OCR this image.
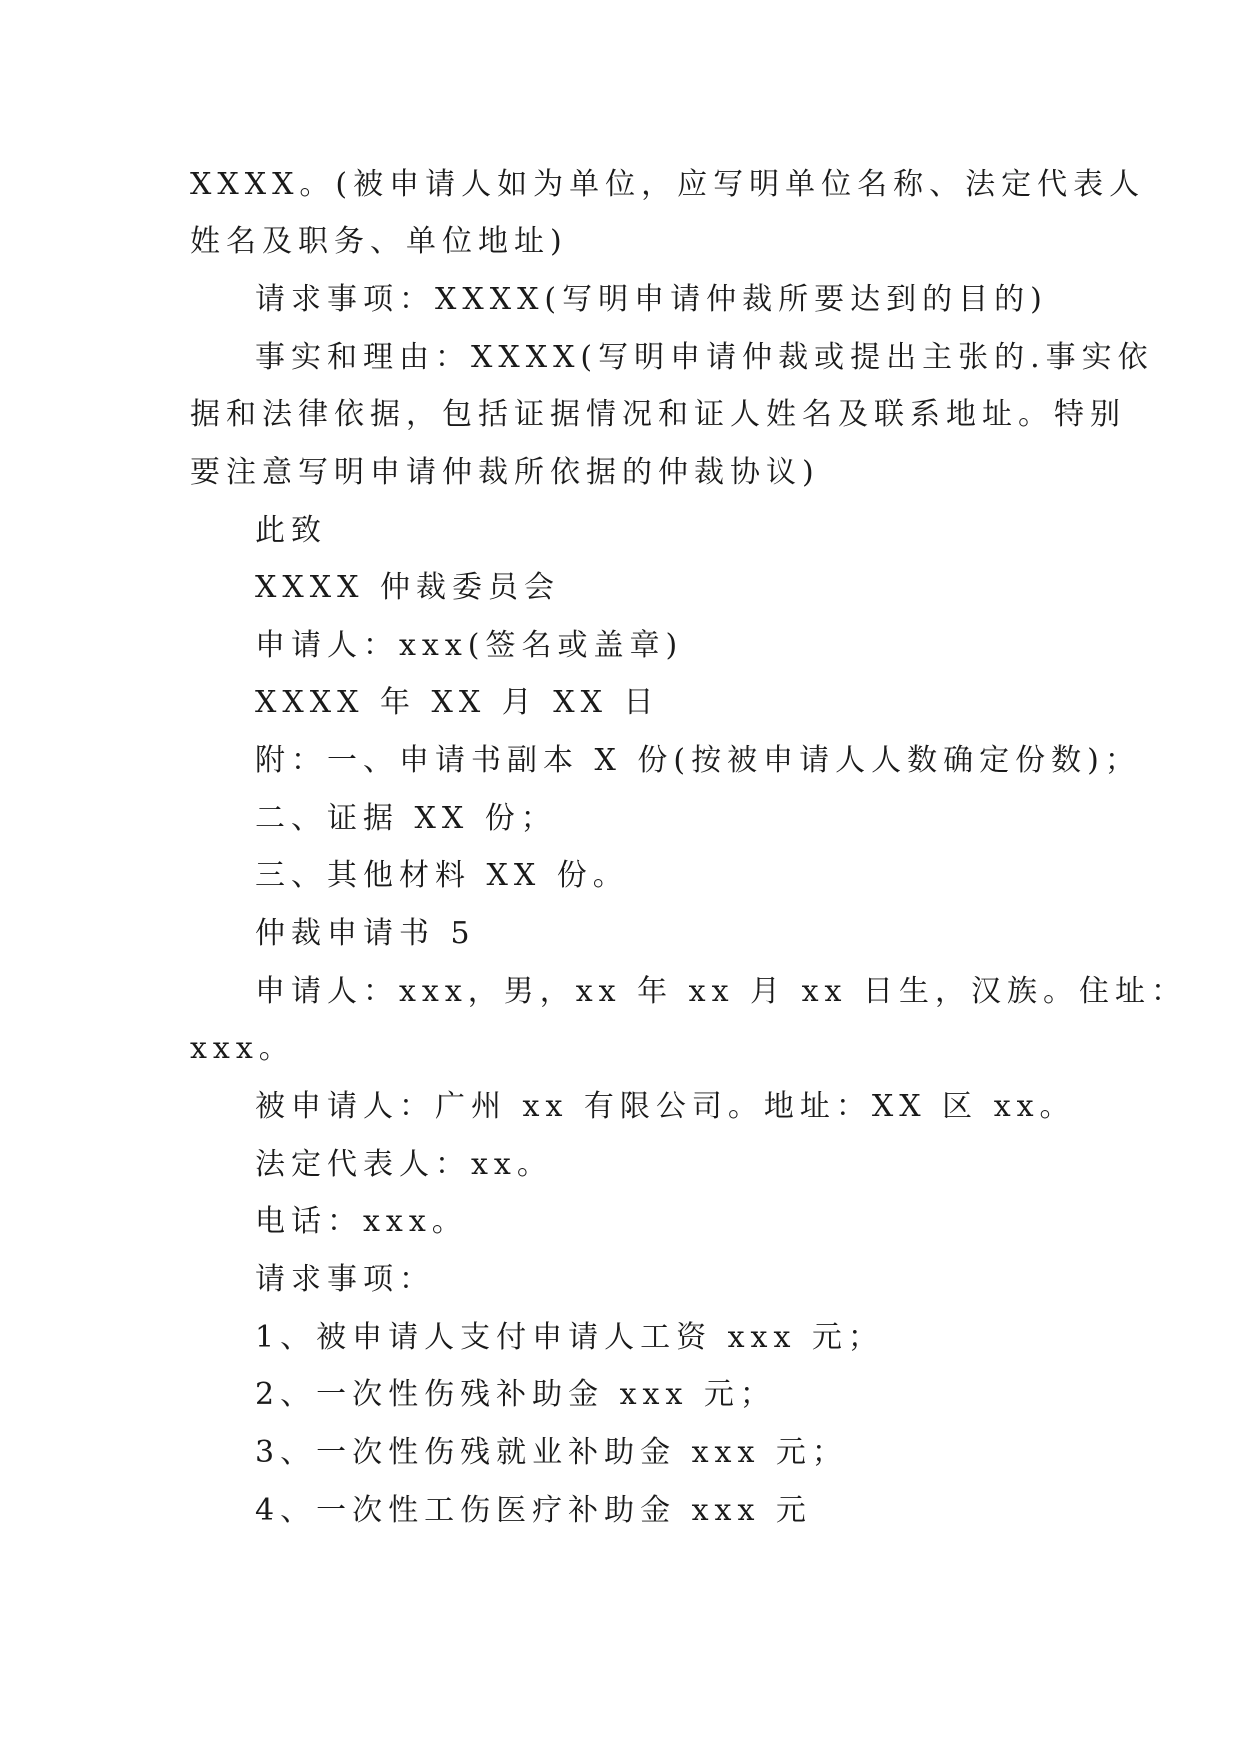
XXXX。(被申请人如为单位，应写明单位名称、法定代表人
姓名及职务、单位地址)
请求事项：XXXX(写明申请仲裁所要达到的目的)
事实和理由：XXXX(写明申请仲裁或提出主张的.事实依
据和法律依据，包括证据情况和证人姓名及联系地址。特别
要注意写明申请仲裁所依据的仲裁协议)
此致
XXXX 仲裁委员会
申请人：xxx(签名或盖章)
XXXX 年 XX 月 XX 日
附：一、申请书副本 X 份(按被申请人人数确定份数)；
二、证据 XX 份；
三、其他材料 XX 份。
仲裁申请书 5
申请人：xxx，男，xx 年 xx 月 xx 日生，汉族。住址：
xxx。
被申请人：广州 xx 有限公司。地址：XX 区 xx。
法定代表人：xx。
电话：xxx。
请求事项：
1、被申请人支付申请人工资 xxx 元；
2、一次性伤残补助金 xxx 元；
3、一次性伤残就业补助金 xxx 元；
4、一次性工伤医疗补助金 xxx 元
